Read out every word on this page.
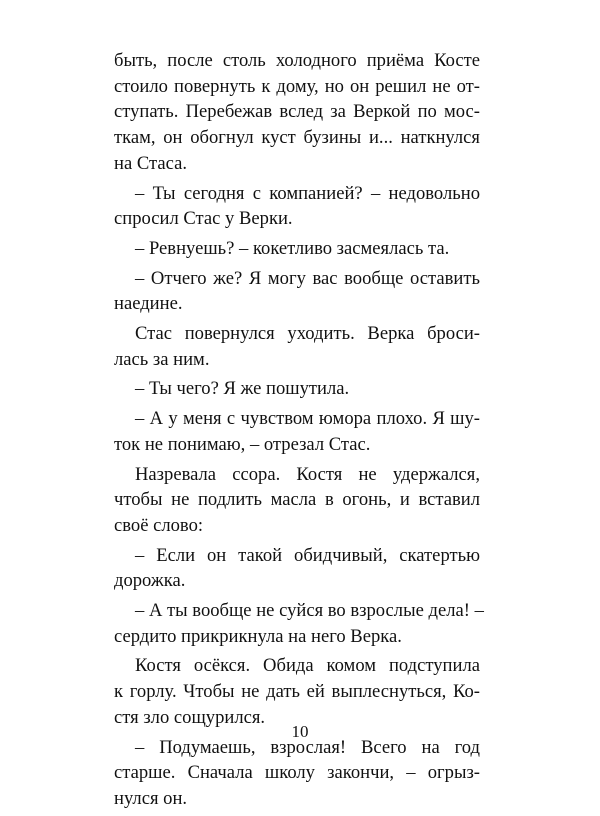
быть, после столь холодного приёма Косте
стоило повернуть к дому, но он решил не от-
ступать. Перебежав вслед за Веркой по мос-
ткам, он обогнул куст бузины и... наткнулся
на Стаса.

– Ты сегодня с компанией? – недовольно
спросил Стас у Верки.

– Ревнуешь? – кокетливо засмеялась та.

– Отчего же? Я могу вас вообще оставить
наедине.

Стас повернулся уходить. Верка броси-
лась за ним.

– Ты чего? Я же пошутила.

– А у меня с чувством юмора плохо. Я шу-
ток не понимаю, – отрезал Стас.

Назревала ссора. Костя не удержался,
чтобы не подлить масла в огонь, и вставил
своё слово:

– Если он такой обидчивый, скатертью
дорожка.

– А ты вообще не суйся во взрослые дела! –
сердито прикрикнула на него Верка.

Костя осёкся. Обида комом подступила
к горлу. Чтобы не дать ей выплеснуться, Ко-
стя зло сощурился.

– Подумаешь, взрослая! Всего на год
старше. Сначала школу закончи, – огрыз-
нулся он.

10
